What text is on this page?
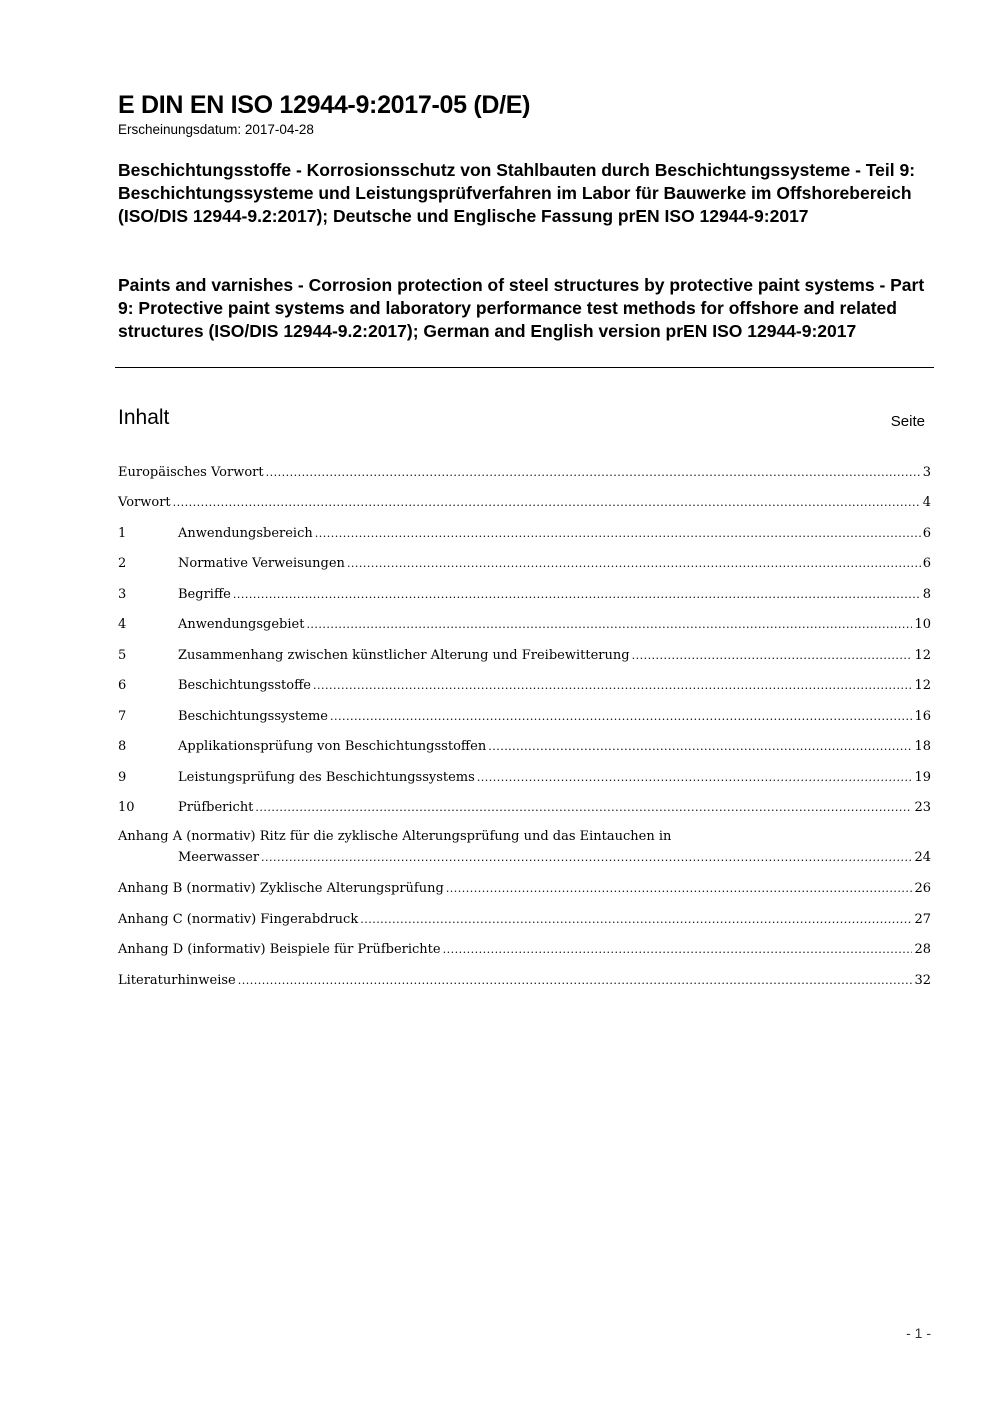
E DIN EN ISO 12944-9:2017-05 (D/E)
Erscheinungsdatum: 2017-04-28
Beschichtungsstoffe - Korrosionsschutz von Stahlbauten durch Beschichtungssysteme - Teil 9: Beschichtungssysteme und Leistungsprüfverfahren im Labor für Bauwerke im Offshorebereich (ISO/DIS 12944-9.2:2017); Deutsche und Englische Fassung prEN ISO 12944-9:2017
Paints and varnishes - Corrosion protection of steel structures by protective paint systems - Part 9: Protective paint systems and laboratory performance test methods for offshore and related structures (ISO/DIS 12944-9.2:2017); German and English version prEN ISO 12944-9:2017
Inhalt	Seite
Europäisches Vorwort .....	3
Vorwort .....	4
1	Anwendungsbereich .....	6
2	Normative Verweisungen .....	6
3	Begriffe .....	8
4	Anwendungsgebiet .....	10
5	Zusammenhang zwischen künstlicher Alterung und Freibewitterung .....	12
6	Beschichtungsstoffe .....	12
7	Beschichtungssysteme .....	16
8	Applikationsprüfung von Beschichtungsstoffen .....	18
9	Leistungsprüfung des Beschichtungssystems .....	19
10	Prüfbericht .....	23
Anhang A (normativ) Ritz für die zyklische Alterungsprüfung und das Eintauchen in
Meerwasser .....	24
Anhang B (normativ) Zyklische Alterungsprüfung .....	26
Anhang C (normativ) Fingerabdruck .....	27
Anhang D (informativ) Beispiele für Prüfberichte .....	28
Literaturhinweise .....	32
- 1 -
